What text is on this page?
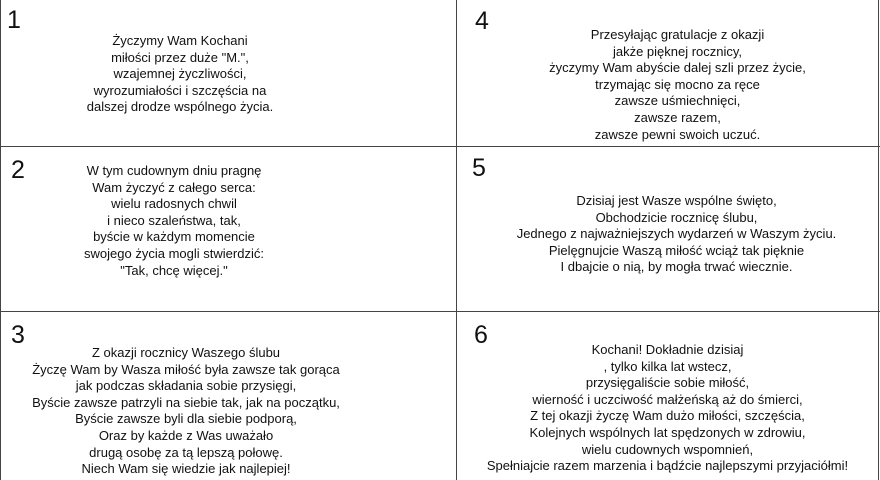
1
Życzymy Wam Kochani
miłości przez duże "M.",
wzajemnej życzliwości,
wyrozumiałości i szczęścia na
dalszej drodze wspólnego życia.
2	W tym cudownym dniu pragnę
Wam życzyć z całego serca:
wielu radosnych chwil
i nieco szaleństwa, tak,
byście w każdym momencie
swojego życia mogli stwierdzić:
"Tak, chcę więcej."
3
Z okazji rocznicy Waszego ślubu
Życzę Wam by Wasza miłość była zawsze tak gorąca
jak podczas składania sobie przysięgi,
Byście zawsze patrzyli na siebie tak, jak na początku,
Byście zawsze byli dla siebie podporą,
Oraz by każde z Was uważało
drugą osobę za tą lepszą połowę.
Niech Wam się wiedzie jak najlepiej!
4	Przesyłając gratulacje z okazji
jakże pięknej rocznicy,
życzymy Wam abyście dalej szli przez życie,
trzymając się mocno za ręce
zawsze uśmiechnięci,
zawsze razem,
zawsze pewni swoich uczuć.
5
Dzisiaj jest Wasze wspólne święto,
Obchodzicie rocznicę ślubu,
Jednego z najważniejszych wydarzeń w Waszym życiu.
Pielęgnujcie Waszą miłość wciąż tak pięknie
I dbajcie o nią, by mogła trwać wiecznie.
6
Kochani! Dokładnie dzisiaj
, tylko kilka lat wstecz,
przysięgaliście sobie miłość,
wierność i uczciwość małżeńską aż do śmierci,
Z tej okazji życzę Wam dużo miłości, szczęścia,
Kolejnych wspólnych lat spędzonych w zdrowiu,
wielu cudownych wspomnień,
Spełniajcie razem marzenia i bądźcie najlepszymi przyjaciółmi!
